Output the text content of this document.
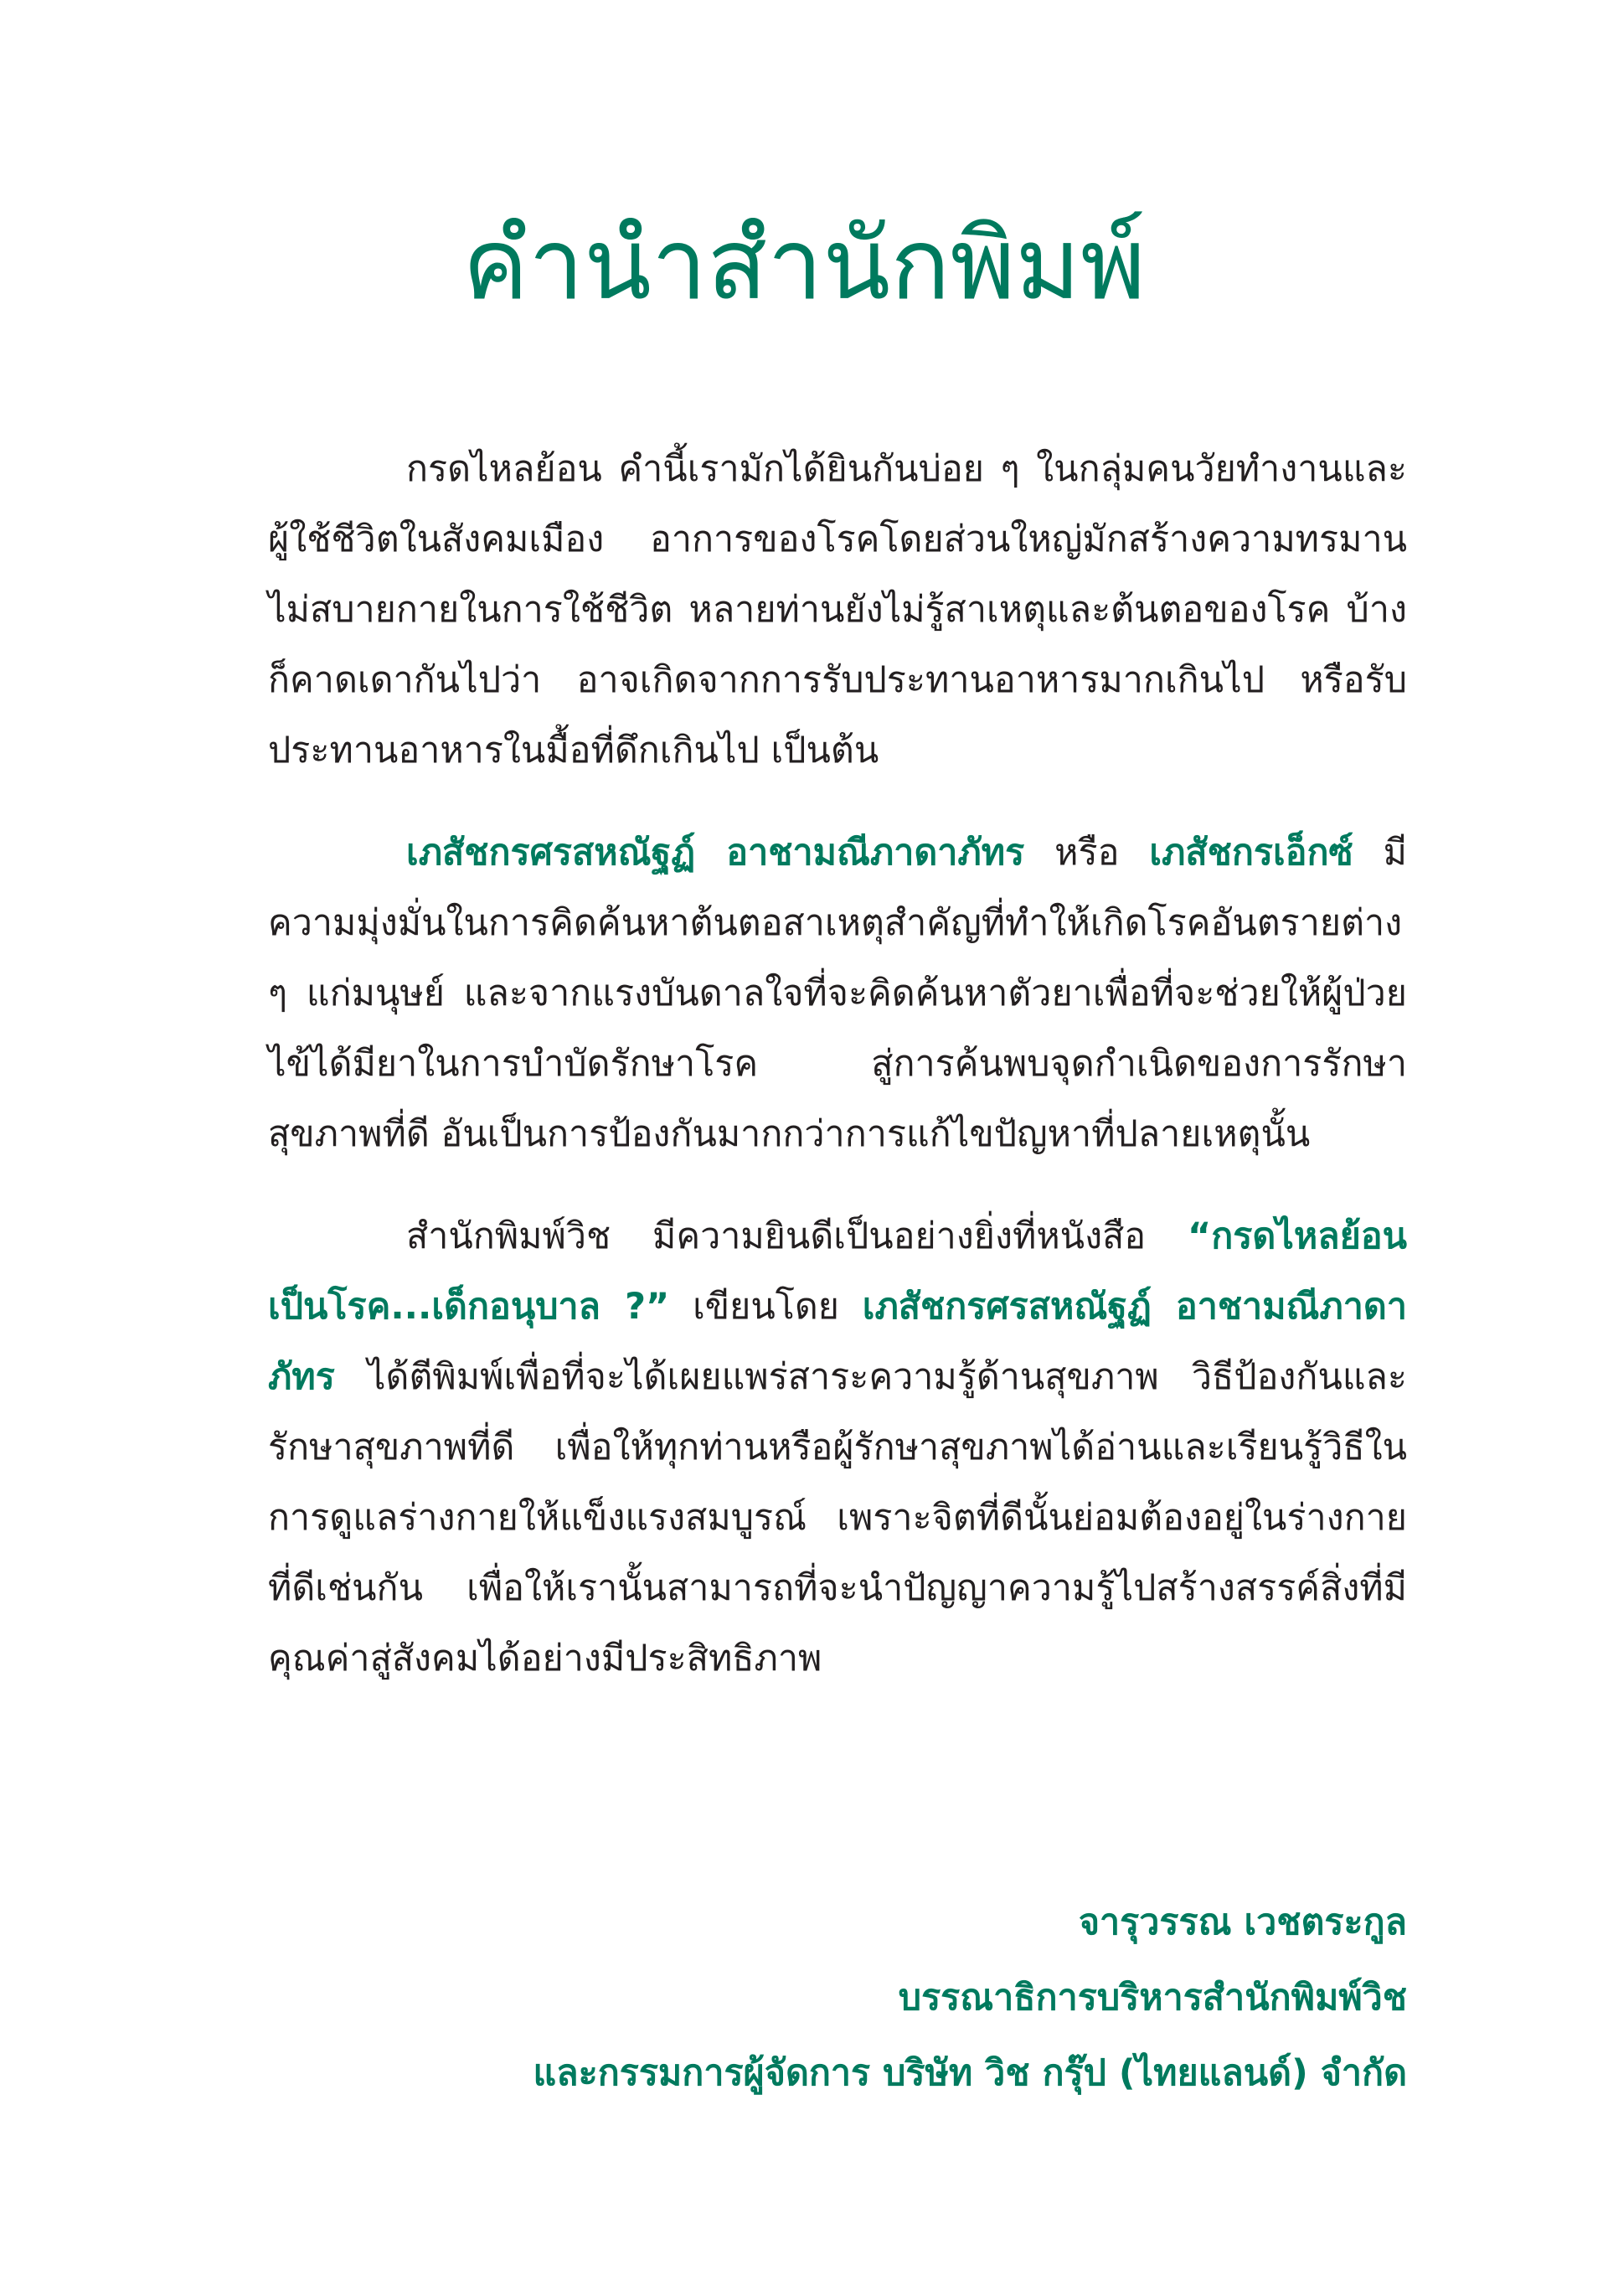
คำนำสำนักพิมพ์

กรดไหลย้อน คำนี้เรามักได้ยินกันบ่อย ๆ ในกลุ่มคนวัยทำงานและผู้ใช้ชีวิตในสังคมเมือง อาการของโรคโดยส่วนใหญ่มักสร้างความทรมาน ไม่สบายกายในการใช้ชีวิต หลายท่านยังไม่รู้สาเหตุและต้นตอของโรค บ้างก็คาดเดากันไปว่า อาจเกิดจากการรับประทานอาหารมากเกินไป หรือรับประทานอาหารในมื้อที่ดึกเกินไป เป็นต้น

เภสัชกรศรสหณัฐฏ์ อาชามณีภาดาภัทร หรือ เภสัชกรเอ็กซ์ มีความมุ่งมั่นในการคิดค้นหาต้นตอสาเหตุสำคัญที่ทำให้เกิดโรคอันตรายต่าง ๆ แก่มนุษย์ และจากแรงบันดาลใจที่จะคิดค้นหาตัวยาเพื่อที่จะช่วยให้ผู้ป่วยไข้ได้มียาในการบำบัดรักษาโรค สู่การค้นพบจุดกำเนิดของการรักษาสุขภาพที่ดี อันเป็นการป้องกันมากกว่าการแก้ไขปัญหาที่ปลายเหตุนั้น

สำนักพิมพ์วิช มีความยินดีเป็นอย่างยิ่งที่หนังสือ “กรดไหลย้อน เป็นโรค...เด็กอนุบาล ?” เขียนโดย เภสัชกรศรสหณัฐฏ์ อาชามณีภาดาภัทร ได้ตีพิมพ์เพื่อที่จะได้เผยแพร่สาระความรู้ด้านสุขภาพ วิธีป้องกันและรักษาสุขภาพที่ดี เพื่อให้ทุกท่านหรือผู้รักษาสุขภาพได้อ่านและเรียนรู้วิธีในการดูแลร่างกายให้แข็งแรงสมบูรณ์ เพราะจิตที่ดีนั้นย่อมต้องอยู่ในร่างกายที่ดีเช่นกัน เพื่อให้เรานั้นสามารถที่จะนำปัญญาความรู้ไปสร้างสรรค์สิ่งที่มีคุณค่าสู่สังคมได้อย่างมีประสิทธิภาพ

จารุวรรณ เวชตระกูล
บรรณาธิการบริหารสำนักพิมพ์วิช
และกรรมการผู้จัดการ บริษัท วิช กรุ๊ป (ไทยแลนด์) จำกัด
